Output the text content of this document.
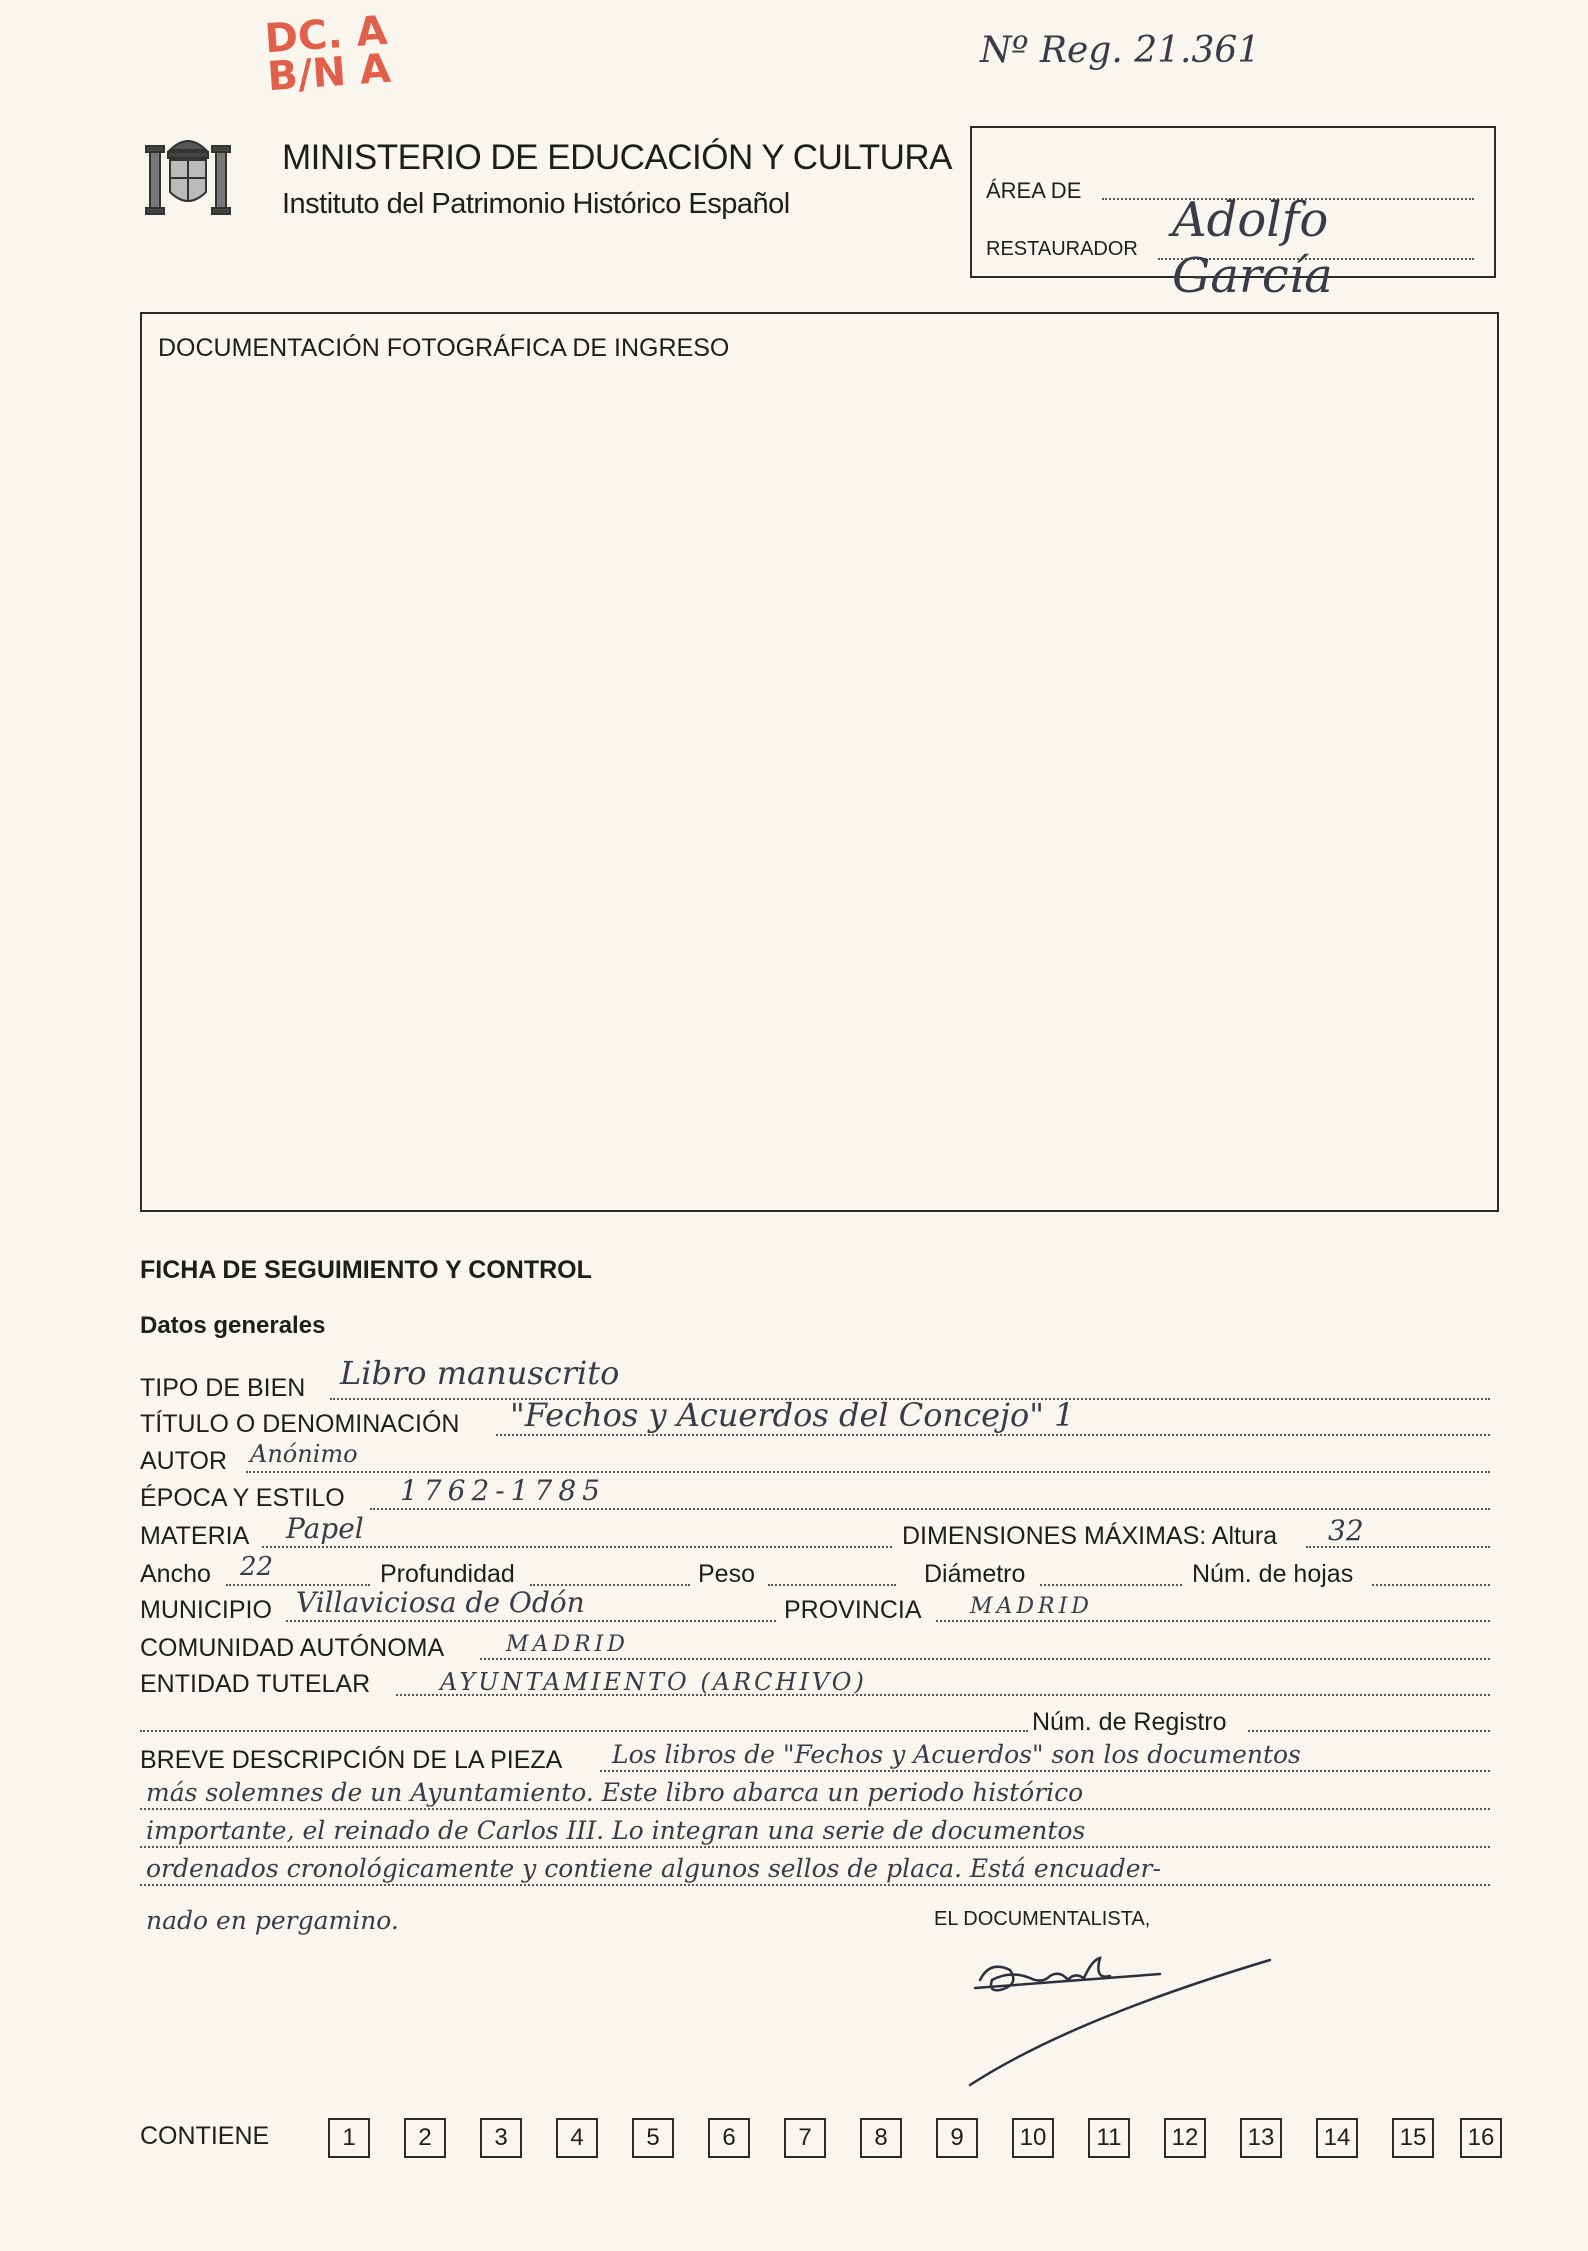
DC. A
B/N A	Nº Reg. 21.361
MINISTERIO DE EDUCACIÓN Y CULTURA
Instituto del Patrimonio Histórico Español	ÁREA DE
RESTAURADOR
Adolfo García
DOCUMENTACIÓN FOTOGRÁFICA DE INGRESO
FICHA DE SEGUIMIENTO Y CONTROL
Datos generales
TIPO DE BIEN Libro manuscrito
TÍTULO O DENOMINACIÓN "Fechos y Acuerdos del Concejo" 1
AUTOR Anónimo
ÉPOCA Y ESTILO 1762-1785
MATERIA Papel	DIMENSIONES MÁXIMAS: Altura 32
Ancho 22	Profundidad	Peso	Diámetro	Núm. de hojas
MUNICIPIO Villaviciosa de Odón	PROVINCIA MADRID
COMUNIDAD AUTÓNOMA	MADRID
ENTIDAD TUTELAR	AYUNTAMIENTO (ARCHIVO)
Núm. de Registro
BREVE DESCRIPCIÓN DE LA PIEZA Los libros de "Fechos y Acuerdos" son los documentos
más solemnes de un Ayuntamiento. Este libro abarca un periodo histórico
importante, el reinado de Carlos III. Lo integran una serie de documentos
ordenados cronológicamente y contiene algunos sellos de placa. Está encuader-
nado en pergamino.	EL DOCUMENTALISTA,
CONTIENE	1	2	3	4	5	6	7	8	9	10	11	12	13	14	15	16
